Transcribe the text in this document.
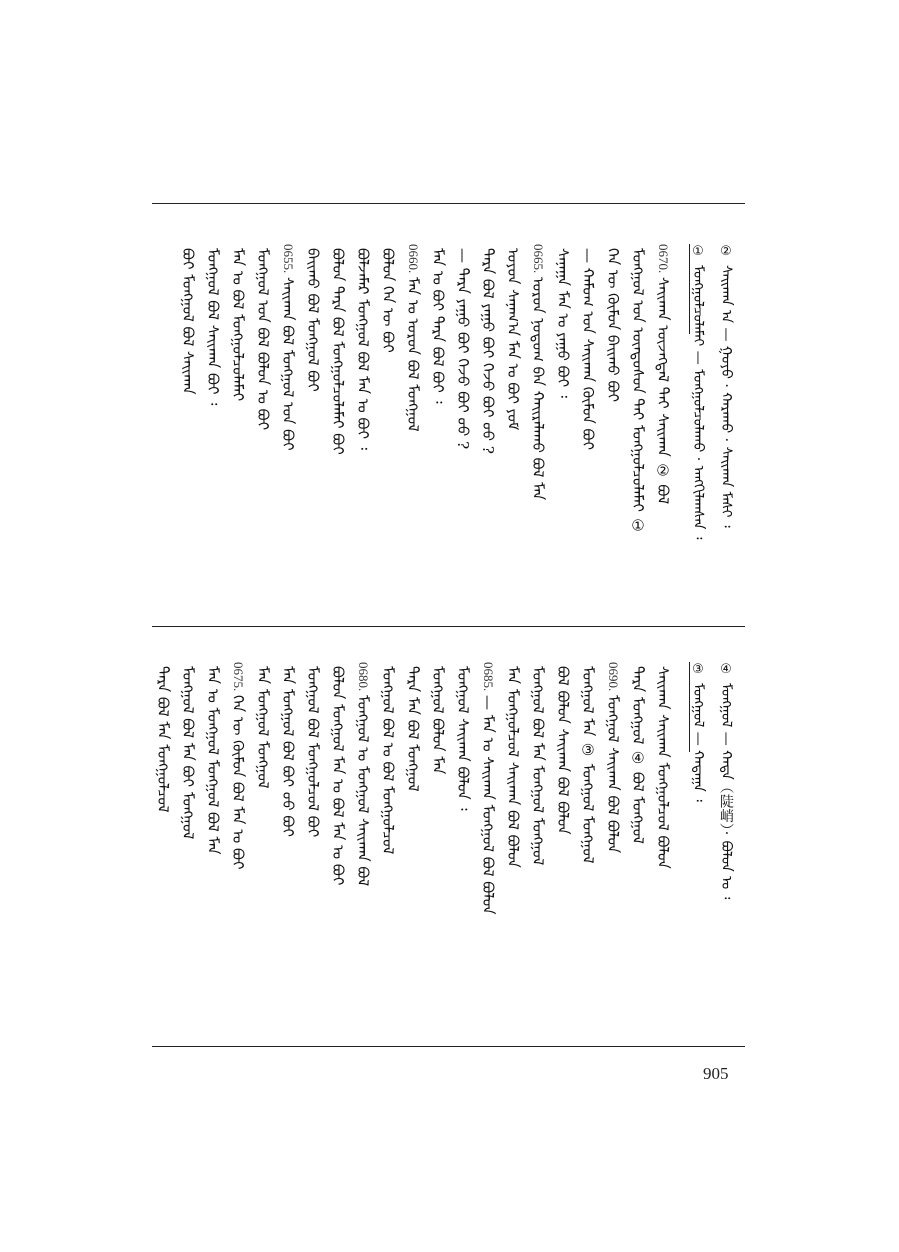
②
ᠰᠠᠢᠬᠠᠨ ᠎ᠠ — ᠭᠣᠶᠣ · ᠬᠠᠷᠠᠬᠤ · ᠰᠠᠢᠬᠠᠨ ᠮᠠᠰᠢ ᠄
①
ᠮᠣᠩᠭᠣᠯᠴᠤᠯᠠᠮᠠᠢ — ᠮᠣᠩᠭᠣᠯᠴᠤᠯᠠᠬᠤ · ᠠᠩᠭᠢᠯᠠᠭᠰᠠᠨ ᠄
0670.
ᠰᠠᠢᠬᠠᠨ ᠦᠵᠡᠭᠳᠡᠯ ᠲᠡᠢ ᠰᠠᠢᠬᠠᠨ ② ᠪᠣᠯ
ᠮᠣᠩᠭᠣᠯ ᠤᠨ ᠦᠨᠳᠦᠰᠦᠨ ᠲᠡᠢ ᠮᠣᠩᠭᠣᠯᠴᠤᠯᠠᠮᠠᠢ ①
ᠬᠡᠨ ᠦ ᠬᠦᠮᠦᠨ ᠪᠠᠢᠬᠤ ᠪᠣᠢ
— ᠬᠠᠮᠤᠭ ᠤᠨ ᠰᠠᠢᠬᠠᠨ ᠬᠦᠮᠦᠨ ᠪᠣᠢ
ᠰᠠᠨᠠᠭᠠ ᠮᠠᠨ ᠤ ᠶᠠᠭᠤ ᠪᠣᠢ ᠄
0665.
ᠣᠷᠣᠨ ᠨᠤᠲᠤᠭ ᠪᠠᠨ ᠬᠠᠢᠷᠠᠯᠠᠬᠤ ᠪᠣᠯ ᠮᠠᠨ
ᠣᠶᠤᠨ ᠰᠠᠨᠠᠭ᠎ᠠ ᠮᠠᠨ ᠤ ᠪᠣᠢ ᠶᠤᠮ
ᠲᠡᠷᠡ ᠪᠣᠯ ᠶᠠᠭᠤ ᠪᠣᠢ ᠭᠡᠵᠦ ᠪᠣᠢ ᠤᠤ ?
— ᠲᠡᠷᠡ ᠶᠠᠭᠤ ᠪᠣᠢ ᠭᠡᠵᠦ ᠪᠣᠢ ᠤᠤ ?
ᠮᠠᠨ ᠤ ᠪᠣᠢ ᠲᠡᠷᠡ ᠪᠣᠯ ᠪᠣᠢ ᠄
0660.
ᠮᠠᠨ ᠤ ᠣᠷᠣᠨ ᠪᠣᠯ ᠮᠣᠩᠭᠣᠯ
ᠪᠣᠯᠤᠨ ᠬᠡᠨ ᠦ ᠪᠣᠢ
ᠪᠣᠯᠵᠠᠮᠠᠷ ᠮᠣᠩᠭᠣᠯ ᠪᠣᠯ ᠮᠠᠨ ᠤ ᠪᠣᠢ ᠄
ᠪᠣᠯᠤᠨ ᠲᠡᠷᠡ ᠪᠣᠯ ᠮᠣᠩᠭᠣᠯᠴᠤᠯᠠᠮᠠᠢ ᠪᠣᠢ
ᠪᠠᠢᠬᠤ ᠪᠣᠯ ᠮᠣᠩᠭᠣᠯ ᠪᠣᠢ
0655.
ᠰᠠᠢᠬᠠᠨ ᠪᠣᠯ ᠮᠣᠩᠭᠣᠯ ᠤᠨ ᠪᠣᠢ
ᠮᠣᠩᠭᠣᠯ ᠤᠨ ᠪᠣᠯ ᠪᠣᠯᠤᠨ ᠤ ᠪᠣᠢ
ᠮᠠᠨ ᠤ ᠪᠣᠯ ᠮᠣᠩᠭᠣᠯᠴᠤᠯᠠᠮᠠᠢ
ᠮᠣᠩᠭᠣᠯ ᠪᠣᠯ ᠰᠠᠢᠬᠠᠨ ᠪᠣᠢ ᠄
ᠪᠣᠢ ᠮᠣᠩᠭᠣᠯ ᠪᠣᠯ ᠰᠠᠢᠬᠠᠨ
④
ᠮᠣᠩᠭᠣᠯ — ᠬᠠᠳᠠ（陡峭）· ᠪᠣᠯᠤᠨ ᠤ ᠄
③
ᠮᠣᠩᠭᠣᠯ — ᠬᠠᠳᠠᠭᠠ ᠄
ᠰᠠᠢᠬᠠᠨ ᠰᠠᠢᠬᠠᠨ ᠮᠣᠩᠭᠣᠯᠴᠤᠯ ᠪᠣᠯᠤᠨ
ᠲᠡᠷᠡ ᠮᠣᠩᠭᠣᠯ ④ ᠪᠣᠯ ᠮᠣᠩᠭᠣᠯ
0690.
ᠮᠣᠩᠭᠣᠯ ᠰᠠᠢᠬᠠᠨ ᠪᠣᠯ ᠪᠣᠯᠤᠨ
ᠮᠣᠩᠭᠣᠯ ᠮᠠᠨ ③ ᠮᠣᠩᠭᠣᠯ ᠮᠣᠩᠭᠣᠯ
ᠪᠣᠯ ᠪᠣᠯᠤᠨ ᠰᠠᠢᠬᠠᠨ ᠪᠣᠯ ᠪᠣᠯᠤᠨ
ᠮᠣᠩᠭᠣᠯ ᠪᠣᠯ ᠮᠠᠨ ᠮᠣᠩᠭᠣᠯ ᠮᠣᠩᠭᠣᠯ
ᠮᠠᠨ ᠮᠣᠩᠭᠣᠯᠴᠤᠯ ᠰᠠᠢᠬᠠᠨ ᠪᠣᠯ ᠪᠣᠯᠤᠨ
0685.
— ᠮᠠᠨ ᠤ ᠰᠠᠢᠬᠠᠨ ᠮᠣᠩᠭᠣᠯ ᠪᠣᠯ ᠪᠣᠯᠤᠨ
ᠮᠣᠩᠭᠣᠯ ᠰᠠᠢᠬᠠᠨ ᠪᠣᠯᠤᠨ ᠄
ᠮᠣᠩᠭᠣᠯ ᠪᠣᠯᠤᠨ ᠮᠠᠨ
ᠲᠡᠷᠡ ᠮᠠᠨ ᠪᠣᠯ ᠮᠣᠩᠭᠣᠯ
ᠮᠣᠩᠭᠣᠯ ᠪᠣᠯ ᠤ ᠪᠣᠯ ᠮᠣᠩᠭᠣᠯᠴᠤᠯ
0680.
ᠮᠣᠩᠭᠣᠯ ᠤ ᠮᠣᠩᠭᠣᠯ ᠰᠠᠢᠬᠠᠨ ᠪᠣᠯ
ᠪᠣᠯᠤᠨ ᠮᠣᠩᠭᠣᠯ ᠮᠠᠨ ᠤ ᠪᠣᠯ ᠮᠠᠨ ᠤ ᠪᠣᠢ
ᠮᠣᠩᠭᠣᠯ ᠪᠣᠯ ᠮᠣᠩᠭᠣᠯᠴᠤᠯ ᠪᠣᠢ
ᠮᠠᠨ ᠮᠣᠩᠭᠣᠯ ᠪᠣᠯ ᠪᠣᠢ ᠤᠤ ᠪᠣᠢ
ᠮᠠᠨ ᠮᠣᠩᠭᠣᠯ ᠮᠣᠩᠭᠣᠯ
0675.
ᠬᠡᠨ ᠦ ᠬᠦᠮᠦᠨ ᠪᠣᠯ ᠮᠠᠨ ᠤ ᠪᠣᠢ
ᠮᠠᠨ ᠤ ᠮᠣᠩᠭᠣᠯ ᠮᠣᠩᠭᠣᠯ ᠪᠣᠯ ᠮᠠᠨ
ᠮᠣᠩᠭᠣᠯ ᠪᠣᠯ ᠮᠠᠨ ᠪᠣᠢ ᠮᠣᠩᠭᠣᠯ
ᠲᠡᠷᠡ ᠪᠣᠯ ᠮᠠᠨ ᠮᠣᠩᠭᠣᠯᠴᠤᠯ
905
